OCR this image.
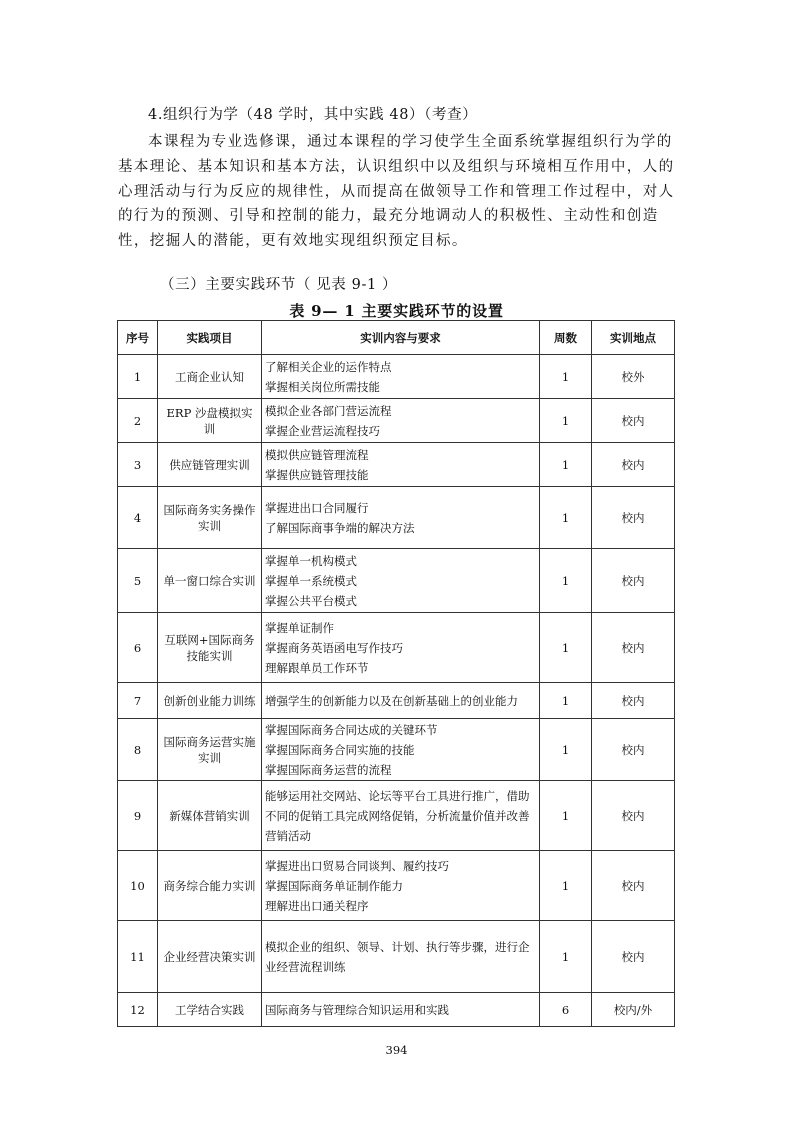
4.组织行为学（48 学时，其中实践 48）（考查）

本课程为专业选修课，通过本课程的学习使学生全面系统掌握组织行为学的基本理论、基本知识和基本方法，认识组织中以及组织与环境相互作用中，人的心理活动与行为反应的规律性，从而提高在做领导工作和管理工作过程中，对人的行为的预测、引导和控制的能力，最充分地调动人的积极性、主动性和创造性，挖掘人的潜能，更有效地实现组织预定目标。

（三）主要实践环节（ 见表 9-1 ）
表 9— 1 主要实践环节的设置
序号	实践项目	实训内容与要求	周数	实训地点
1	工商企业认知	了解相关企业的运作特点
掌握相关岗位所需技能	1	校外
2	ERP 沙盘模拟实训	模拟企业各部门营运流程
掌握企业营运流程技巧	1	校内
3	供应链管理实训	模拟供应链管理流程
掌握供应链管理技能	1	校内
4	国际商务实务操作实训	掌握进出口合同履行
了解国际商事争端的解决方法	1	校内
5	单一窗口综合实训	掌握单一机构模式
掌握单一系统模式
掌握公共平台模式	1	校内
6	互联网+国际商务技能实训	掌握单证制作
掌握商务英语函电写作技巧
理解跟单员工作环节	1	校内
7	创新创业能力训练	增强学生的创新能力以及在创新基础上的创业能力	1	校内
8	国际商务运营实施实训	掌握国际商务合同达成的关键环节
掌握国际商务合同实施的技能
掌握国际商务运营的流程	1	校内
9	新媒体营销实训	能够运用社交网站、论坛等平台工具进行推广，借助不同的促销工具完成网络促销，分析流量价值并改善营销活动	1	校内
10	商务综合能力实训	掌握进出口贸易合同谈判、履约技巧
掌握国际商务单证制作能力
理解进出口通关程序	1	校内
11	企业经营决策实训	模拟企业的组织、领导、计划、执行等步骤，进行企业经营流程训练	1	校内
12	工学结合实践	国际商务与管理综合知识运用和实践	6	校内/外
394
